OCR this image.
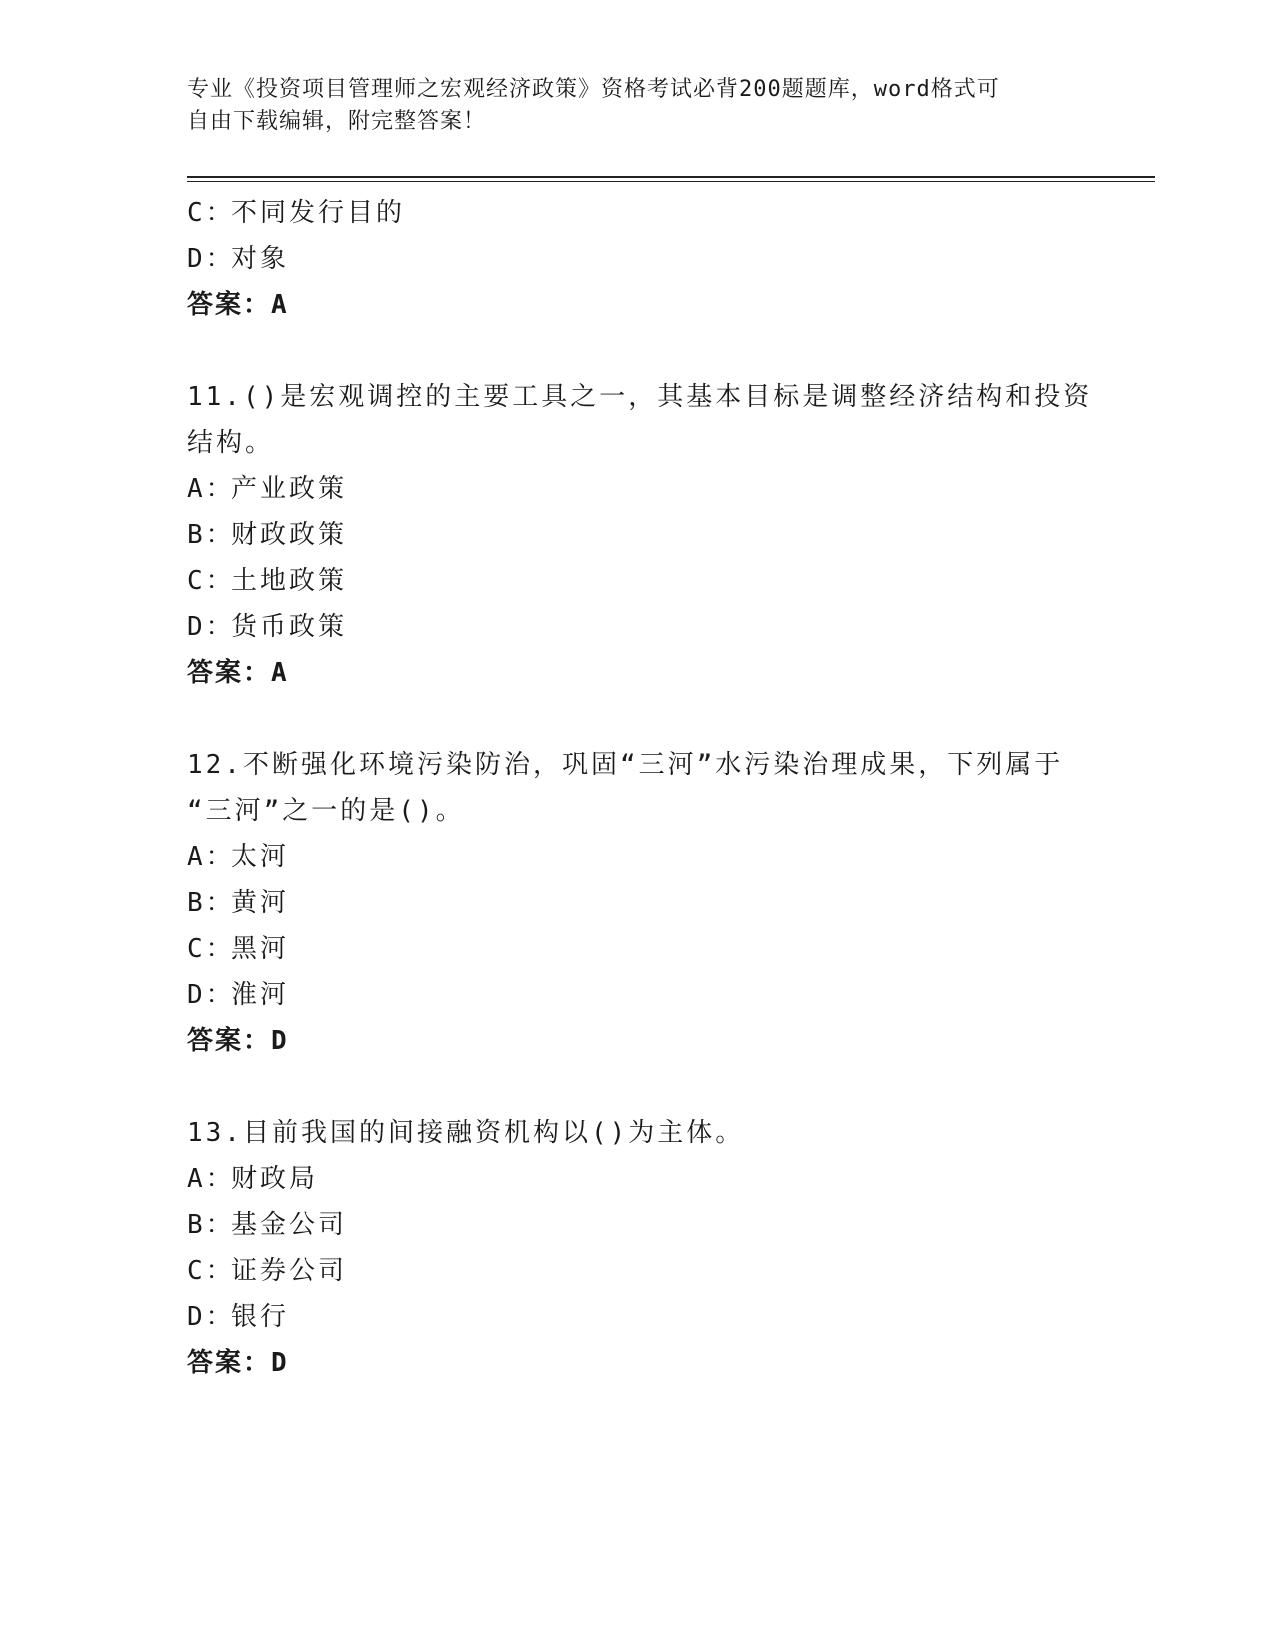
专业《投资项目管理师之宏观经济政策》资格考试必背200题题库，word格式可
自由下载编辑，附完整答案！
C：不同发行目的
D：对象
答案：A
11.()是宏观调控的主要工具之一，其基本目标是调整经济结构和投资
结构。
A：产业政策
B：财政政策
C：土地政策
D：货币政策
答案：A
12.不断强化环境污染防治，巩固“三河”水污染治理成果，下列属于
“三河”之一的是()。
A：太河
B：黄河
C：黑河
D：淮河
答案：D
13.目前我国的间接融资机构以()为主体。
A：财政局
B：基金公司
C：证券公司
D：银行
答案：D
